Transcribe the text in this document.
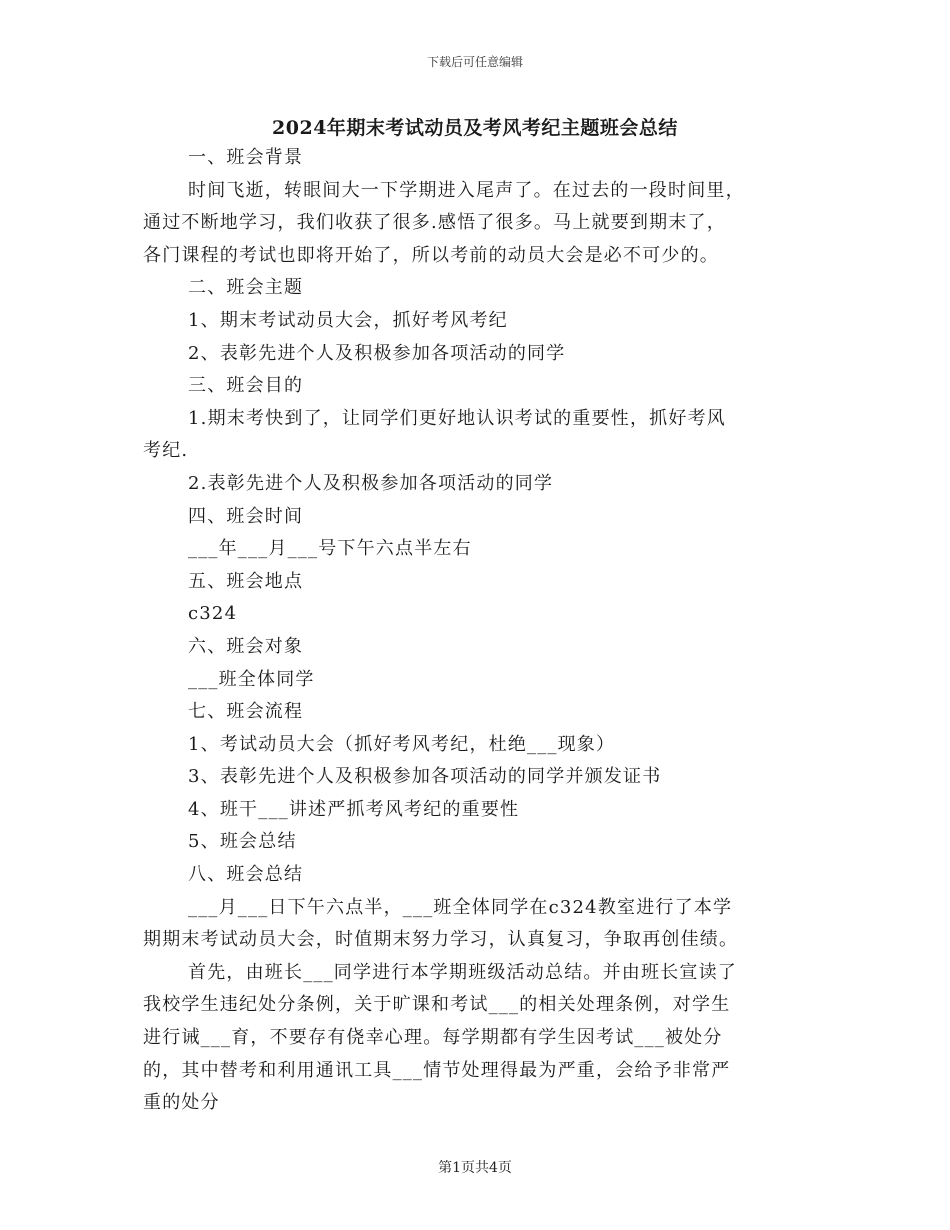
下载后可任意编辑
2024年期末考试动员及考风考纪主题班会总结
一、班会背景
时间飞逝，转眼间大一下学期进入尾声了。在过去的一段时间里，
通过不断地学习，我们收获了很多.感悟了很多。马上就要到期末了，
各门课程的考试也即将开始了，所以考前的动员大会是必不可少的。
二、班会主题
1、期末考试动员大会，抓好考风考纪
2、表彰先进个人及积极参加各项活动的同学
三、班会目的
1.期末考快到了，让同学们更好地认识考试的重要性，抓好考风
考纪.
2.表彰先进个人及积极参加各项活动的同学
四、班会时间
___年___月___号下午六点半左右
五、班会地点
c324
六、班会对象
___班全体同学
七、班会流程
1、考试动员大会（抓好考风考纪，杜绝___现象）
3、表彰先进个人及积极参加各项活动的同学并颁发证书
4、班干___讲述严抓考风考纪的重要性
5、班会总结
八、班会总结
___月___日下午六点半，___班全体同学在c324教室进行了本学
期期末考试动员大会，时值期末努力学习，认真复习，争取再创佳绩。
首先，由班长___同学进行本学期班级活动总结。并由班长宣读了
我校学生违纪处分条例，关于旷课和考试___的相关处理条例，对学生
进行诫___育，不要存有侥幸心理。每学期都有学生因考试___被处分
的，其中替考和利用通讯工具___情节处理得最为严重，会给予非常严
重的处分
第1页共4页
